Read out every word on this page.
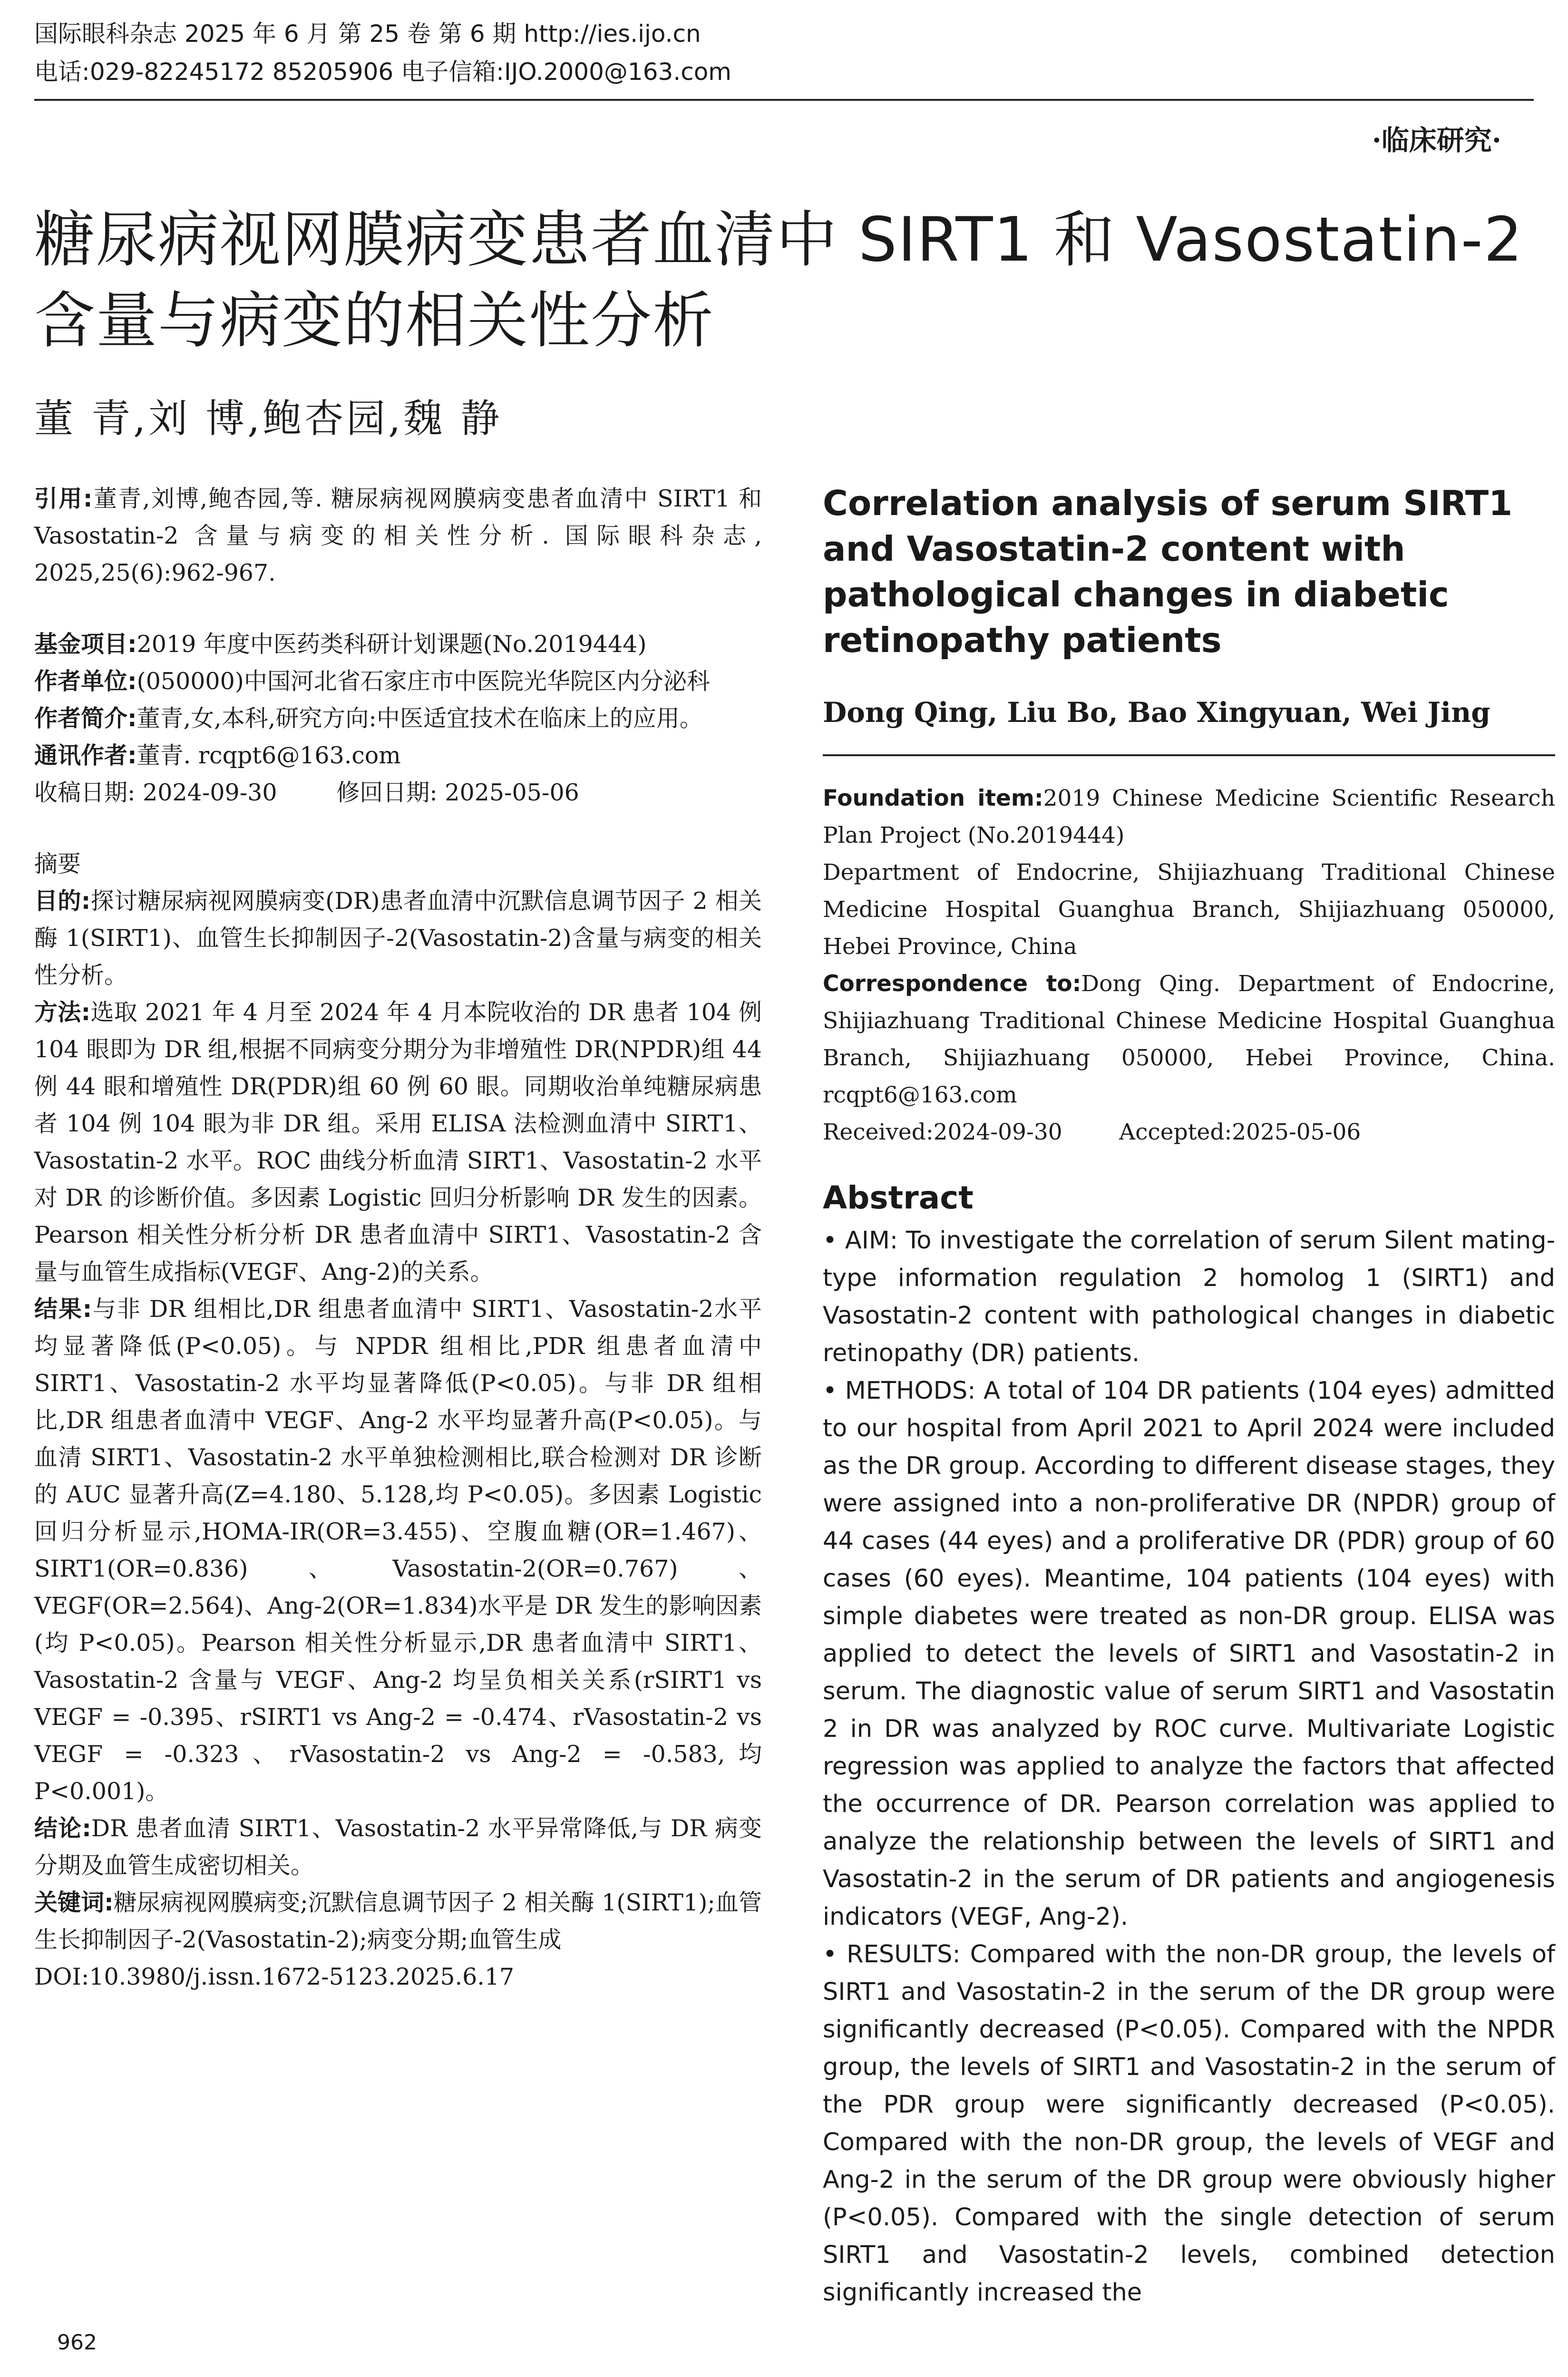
国际眼科杂志 2025 年 6 月 第 25 卷 第 6 期 http://ies.ijo.cn
电话:029-82245172 85205906 电子信箱:IJO.2000@163.com
·临床研究·
糖尿病视网膜病变患者血清中 SIRT1 和 Vasostatin-2 含量与病变的相关性分析
董 青,刘 博,鲍杏园,魏 静

引用:董青,刘博,鲍杏园,等. 糖尿病视网膜病变患者血清中 SIRT1 和 Vasostatin-2 含量与病变的相关性分析. 国际眼科杂志, 2025,25(6):962-967.

基金项目:2019 年度中医药类科研计划课题(No.2019444)

作者单位:(050000)中国河北省石家庄市中医院光华院区内分泌科

作者简介:董青,女,本科,研究方向:中医适宜技术在临床上的应用。

通讯作者:董青. rcqpt6@163.com

收稿日期: 2024-09-30        修回日期: 2025-05-06

摘要

目的:探讨糖尿病视网膜病变(DR)患者血清中沉默信息调节因子 2 相关酶 1(SIRT1)、血管生长抑制因子-2(Vasostatin-2)含量与病变的相关性分析。

方法:选取 2021 年 4 月至 2024 年 4 月本院收治的 DR 患者 104 例 104 眼即为 DR 组,根据不同病变分期分为非增殖性 DR(NPDR)组 44 例 44 眼和增殖性 DR(PDR)组 60 例 60 眼。同期收治单纯糖尿病患者 104 例 104 眼为非 DR 组。采用 ELISA 法检测血清中 SIRT1、Vasostatin-2 水平。ROC 曲线分析血清 SIRT1、Vasostatin-2 水平对 DR 的诊断价值。多因素 Logistic 回归分析影响 DR 发生的因素。Pearson 相关性分析分析 DR 患者血清中 SIRT1、Vasostatin-2 含量与血管生成指标(VEGF、Ang-2)的关系。

结果:与非 DR 组相比,DR 组患者血清中 SIRT1、Vasostatin-2水平均显著降低(P<0.05)。与 NPDR 组相比,PDR 组患者血清中 SIRT1、Vasostatin-2 水平均显著降低(P<0.05)。与非 DR 组相比,DR 组患者血清中 VEGF、Ang-2 水平均显著升高(P<0.05)。与血清 SIRT1、Vasostatin-2 水平单独检测相比,联合检测对 DR 诊断的 AUC 显著升高(Z=4.180、5.128,均 P<0.05)。多因素 Logistic 回归分析显示,HOMA-IR(OR=3.455)、空腹血糖(OR=1.467)、SIRT1(OR=0.836)、Vasostatin-2(OR=0.767)、VEGF(OR=2.564)、Ang-2(OR=1.834)水平是 DR 发生的影响因素(均 P<0.05)。Pearson 相关性分析显示,DR 患者血清中 SIRT1、Vasostatin-2 含量与 VEGF、Ang-2 均呈负相关关系(rSIRT1 vs VEGF = -0.395、rSIRT1 vs Ang-2 = -0.474、rVasostatin-2 vs VEGF = -0.323、rVasostatin-2 vs Ang-2 = -0.583,均 P<0.001)。

结论:DR 患者血清 SIRT1、Vasostatin-2 水平异常降低,与 DR 病变分期及血管生成密切相关。

关键词:糖尿病视网膜病变;沉默信息调节因子 2 相关酶 1(SIRT1);血管生长抑制因子-2(Vasostatin-2);病变分期;血管生成

DOI:10.3980/j.issn.1672-5123.2025.6.17

Correlation analysis of serum SIRT1 and Vasostatin-2 content with pathological changes in diabetic retinopathy patients
Dong Qing, Liu Bo, Bao Xingyuan, Wei Jing

Foundation item:2019 Chinese Medicine Scientific Research Plan Project (No.2019444)

Department of Endocrine, Shijiazhuang Traditional Chinese Medicine Hospital Guanghua Branch, Shijiazhuang 050000, Hebei Province, China

Correspondence to:Dong Qing. Department of Endocrine, Shijiazhuang Traditional Chinese Medicine Hospital Guanghua Branch, Shijiazhuang 050000, Hebei Province, China. rcqpt6@163.com

Received:2024-09-30        Accepted:2025-05-06

Abstract

• AIM: To investigate the correlation of serum Silent mating-type information regulation 2 homolog 1 (SIRT1) and Vasostatin-2 content with pathological changes in diabetic retinopathy (DR) patients.

• METHODS: A total of 104 DR patients (104 eyes) admitted to our hospital from April 2021 to April 2024 were included as the DR group. According to different disease stages, they were assigned into a non-proliferative DR (NPDR) group of 44 cases (44 eyes) and a proliferative DR (PDR) group of 60 cases (60 eyes). Meantime, 104 patients (104 eyes) with simple diabetes were treated as non-DR group. ELISA was applied to detect the levels of SIRT1 and Vasostatin-2 in serum. The diagnostic value of serum SIRT1 and Vasostatin 2 in DR was analyzed by ROC curve. Multivariate Logistic regression was applied to analyze the factors that affected the occurrence of DR. Pearson correlation was applied to analyze the relationship between the levels of SIRT1 and Vasostatin-2 in the serum of DR patients and angiogenesis indicators (VEGF, Ang-2).

• RESULTS: Compared with the non-DR group, the levels of SIRT1 and Vasostatin-2 in the serum of the DR group were significantly decreased (P<0.05). Compared with the NPDR group, the levels of SIRT1 and Vasostatin-2 in the serum of the PDR group were significantly decreased (P<0.05). Compared with the non-DR group, the levels of VEGF and Ang-2 in the serum of the DR group were obviously higher (P<0.05). Compared with the single detection of serum SIRT1 and Vasostatin-2 levels, combined detection significantly increased the

962
